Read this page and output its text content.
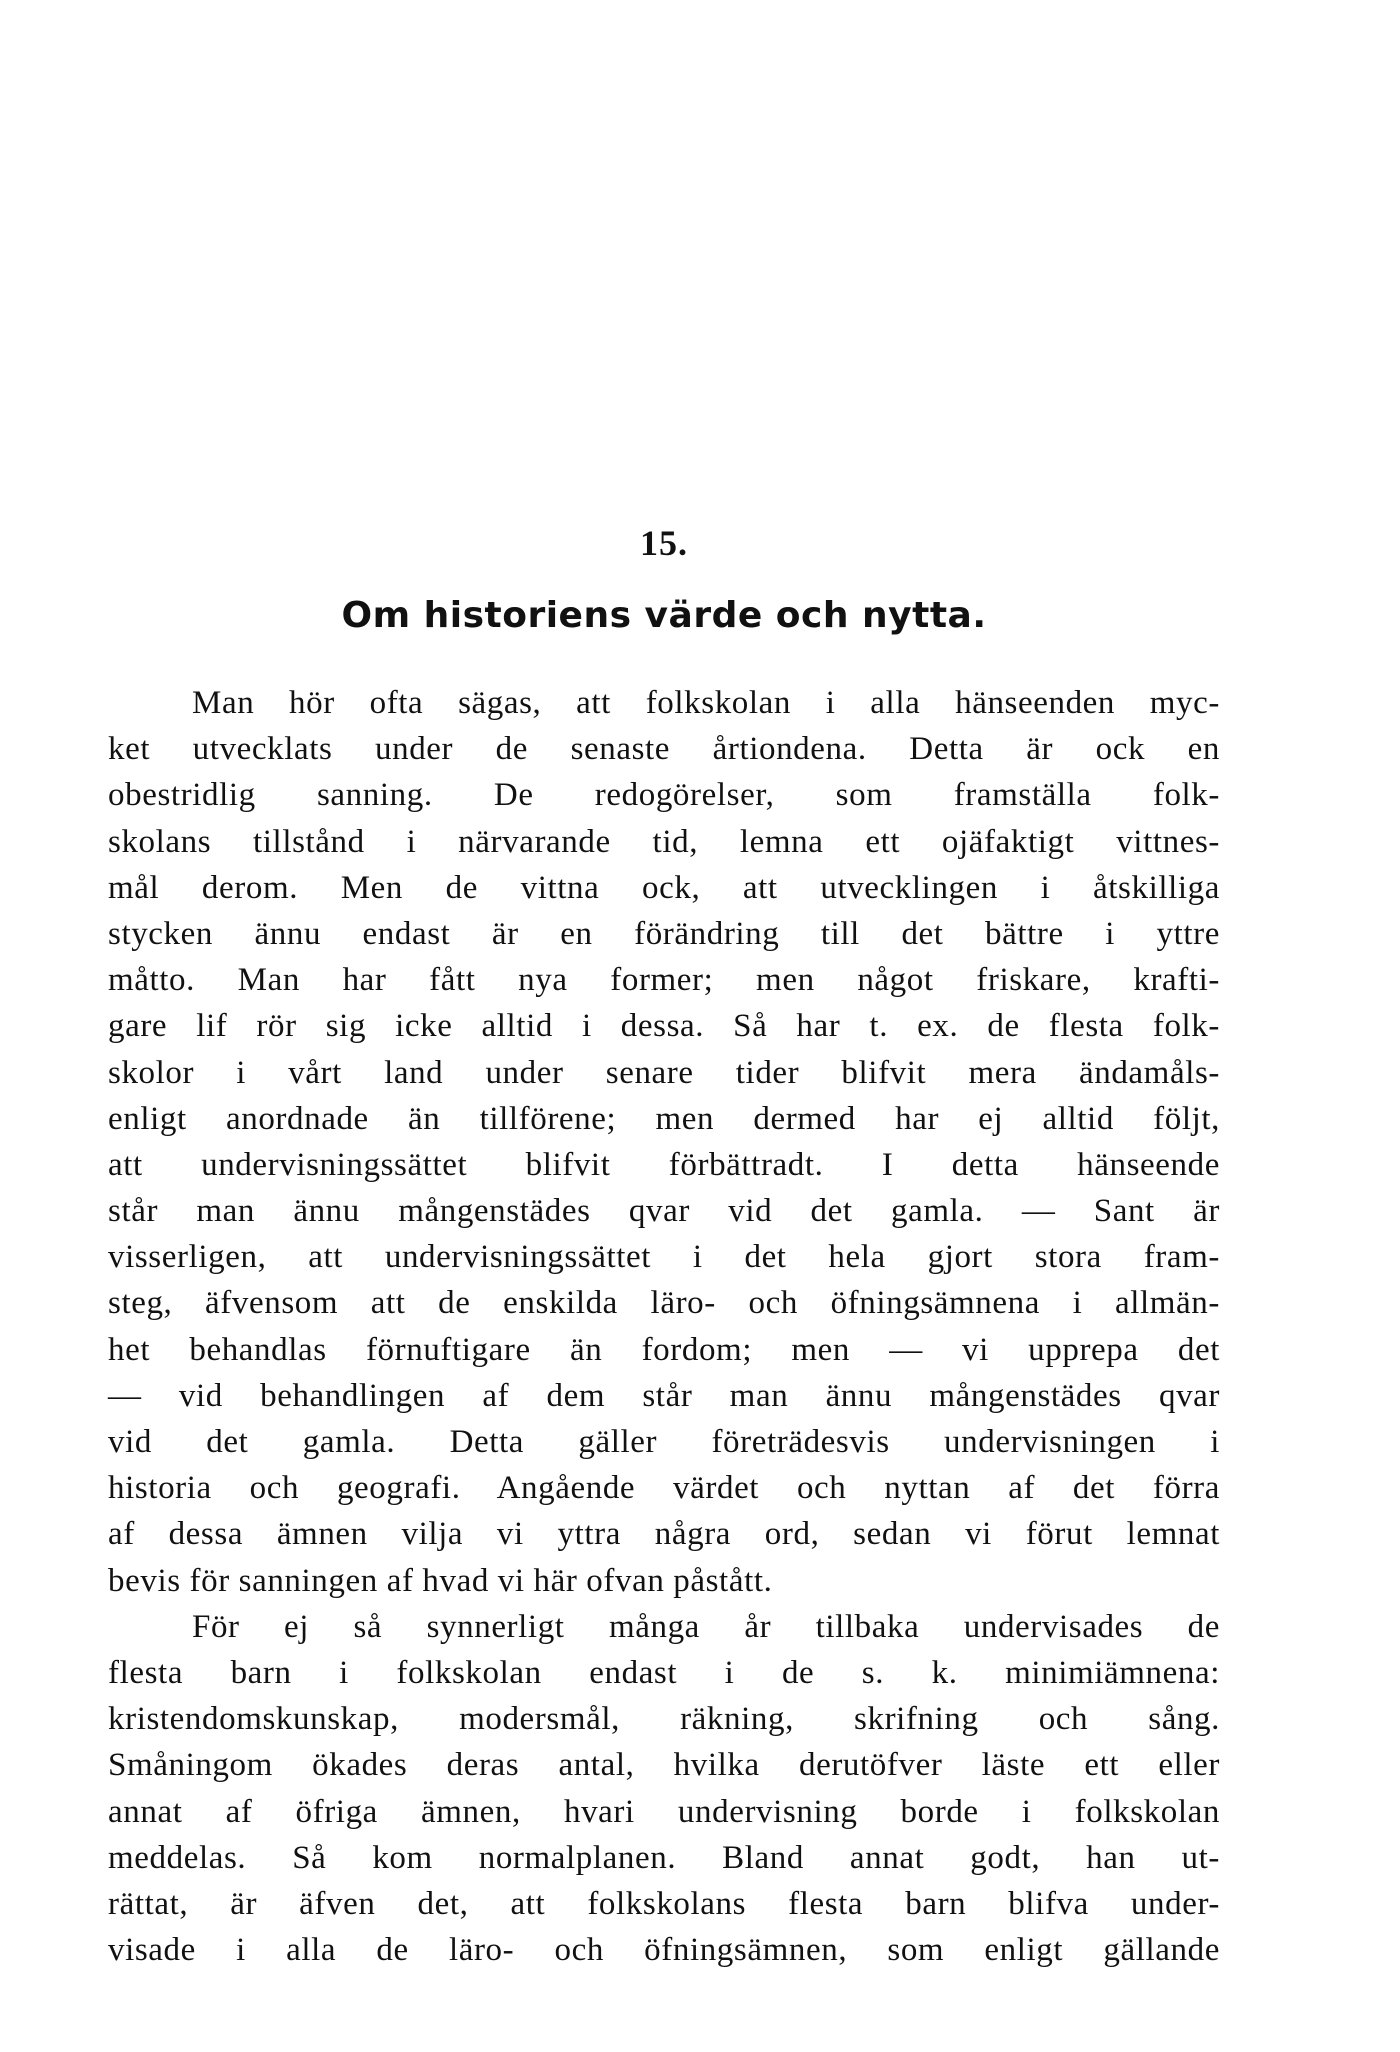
15.
Om historiens värde och nytta.

Man hör ofta sägas, att folkskolan i alla hänseenden myc-
ket utvecklats under de senaste årtiondena. Detta är ock en
obestridlig sanning. De redogörelser, som framställa folk-
skolans tillstånd i närvarande tid, lemna ett ojäfaktigt vittnes-
mål derom. Men de vittna ock, att utvecklingen i åtskilliga
stycken ännu endast är en förändring till det bättre i yttre
måtto. Man har fått nya former; men något friskare, krafti-
gare lif rör sig icke alltid i dessa. Så har t. ex. de flesta folk-
skolor i vårt land under senare tider blifvit mera ändamåls-
enligt anordnade än tillförene; men dermed har ej alltid följt,
att undervisningssättet blifvit förbättradt. I detta hänseende
står man ännu mångenstädes qvar vid det gamla. — Sant är
visserligen, att undervisningssättet i det hela gjort stora fram-
steg, äfvensom att de enskilda läro- och öfningsämnena i allmän-
het behandlas förnuftigare än fordom; men — vi upprepa det
— vid behandlingen af dem står man ännu mångenstädes qvar
vid det gamla. Detta gäller företrädesvis undervisningen i
historia och geografi. Angående värdet och nyttan af det förra
af dessa ämnen vilja vi yttra några ord, sedan vi förut lemnat
bevis för sanningen af hvad vi här ofvan påstått.

För ej så synnerligt många år tillbaka undervisades de
flesta barn i folkskolan endast i de s. k. minimiämnena:
kristendomskunskap, modersmål, räkning, skrifning och sång.
Småningom ökades deras antal, hvilka derutöfver läste ett eller
annat af öfriga ämnen, hvari undervisning borde i folkskolan
meddelas. Så kom normalplanen. Bland annat godt, han ut-
rättat, är äfven det, att folkskolans flesta barn blifva under-
visade i alla de läro- och öfningsämnen, som enligt gällande
